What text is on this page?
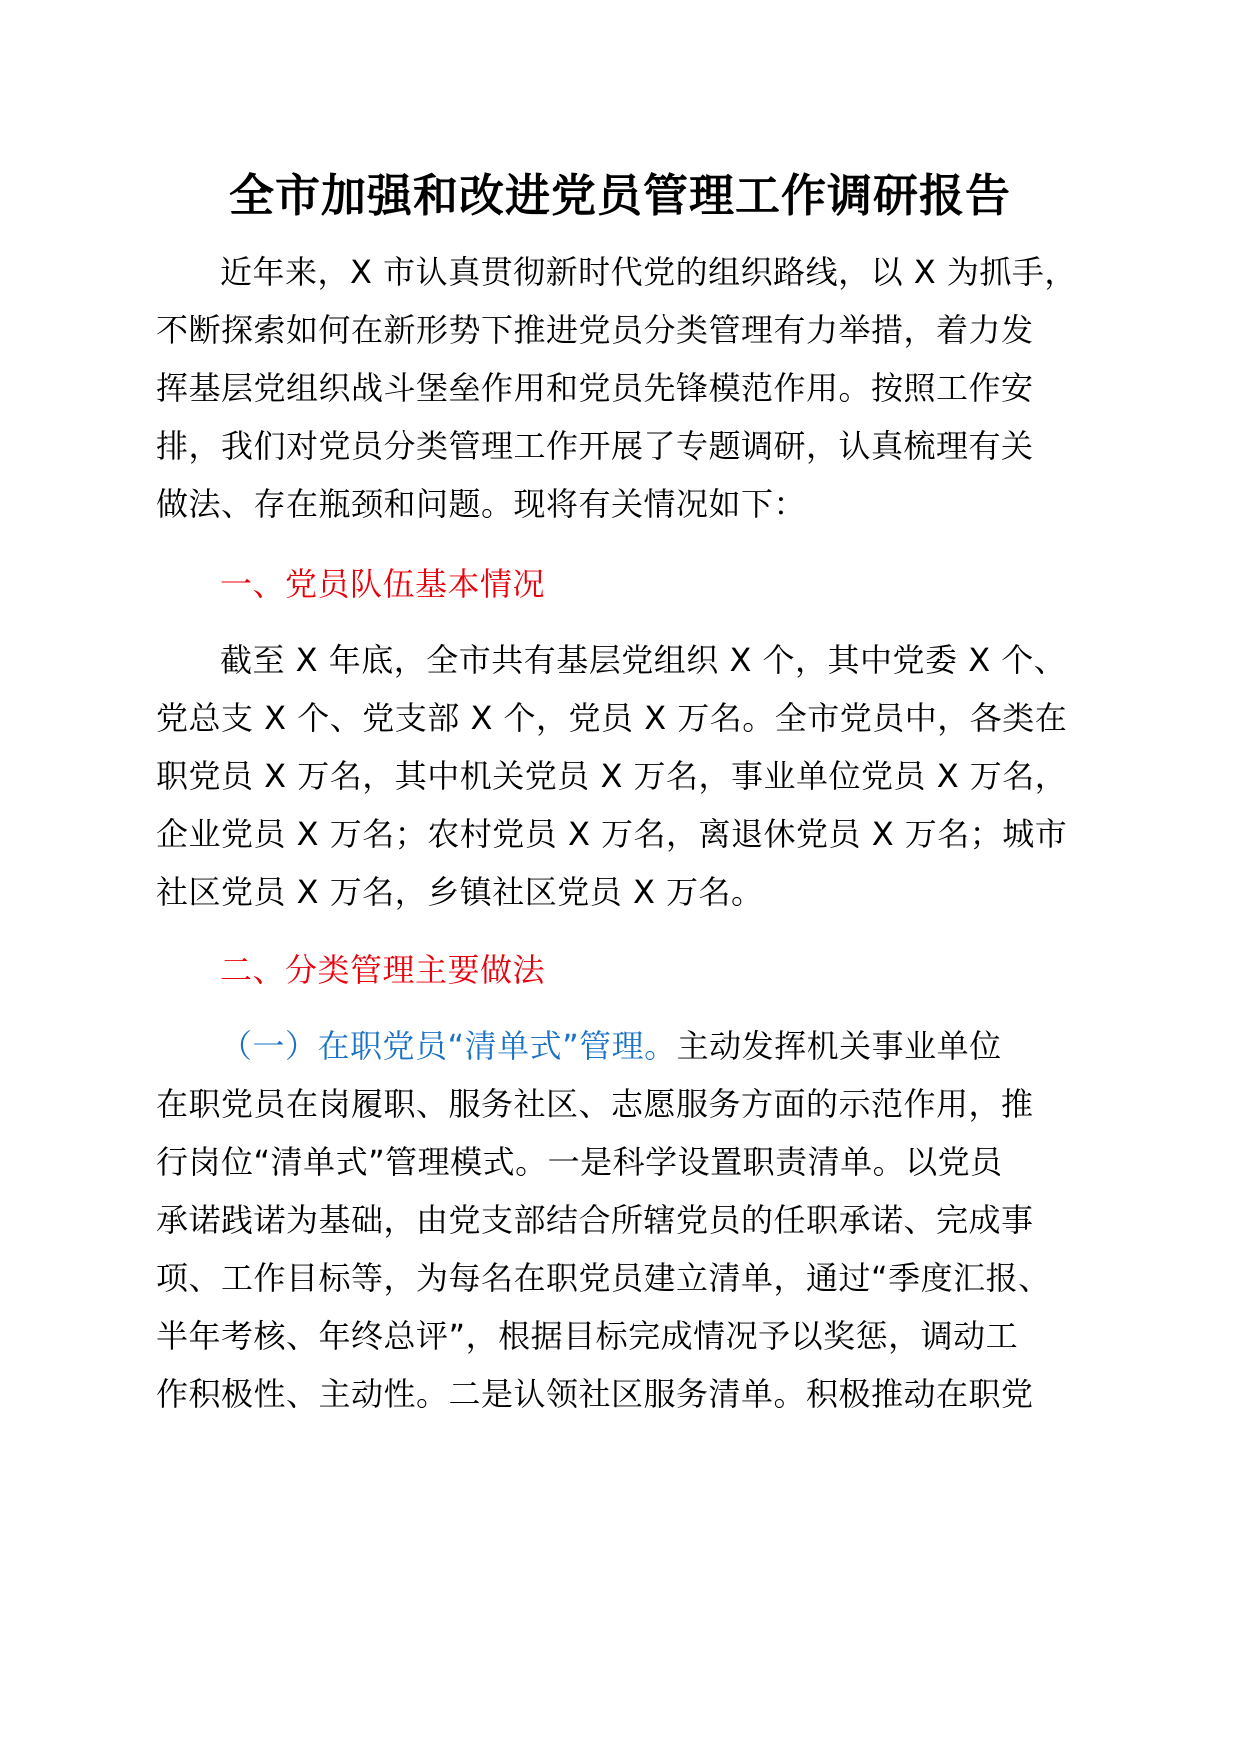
全市加强和改进党员管理工作调研报告
近年来，X 市认真贯彻新时代党的组织路线，以 X 为抓手，
不断探索如何在新形势下推进党员分类管理有力举措，着力发
挥基层党组织战斗堡垒作用和党员先锋模范作用。按照工作安
排，我们对党员分类管理工作开展了专题调研，认真梳理有关
做法、存在瓶颈和问题。现将有关情况如下：
一、党员队伍基本情况
截至 X 年底，全市共有基层党组织 X 个，其中党委 X 个、
党总支 X 个、党支部 X 个，党员 X 万名。全市党员中，各类在
职党员 X 万名，其中机关党员 X 万名，事业单位党员 X 万名，
企业党员 X 万名；农村党员 X 万名，离退休党员 X 万名；城市
社区党员 X 万名，乡镇社区党员 X 万名。
二、分类管理主要做法
（一）在职党员“清单式”管理。主动发挥机关事业单位
在职党员在岗履职、服务社区、志愿服务方面的示范作用，推
行岗位“清单式”管理模式。一是科学设置职责清单。以党员
承诺践诺为基础，由党支部结合所辖党员的任职承诺、完成事
项、工作目标等，为每名在职党员建立清单，通过“季度汇报、
半年考核、年终总评”，根据目标完成情况予以奖惩，调动工
作积极性、主动性。二是认领社区服务清单。积极推动在职党
